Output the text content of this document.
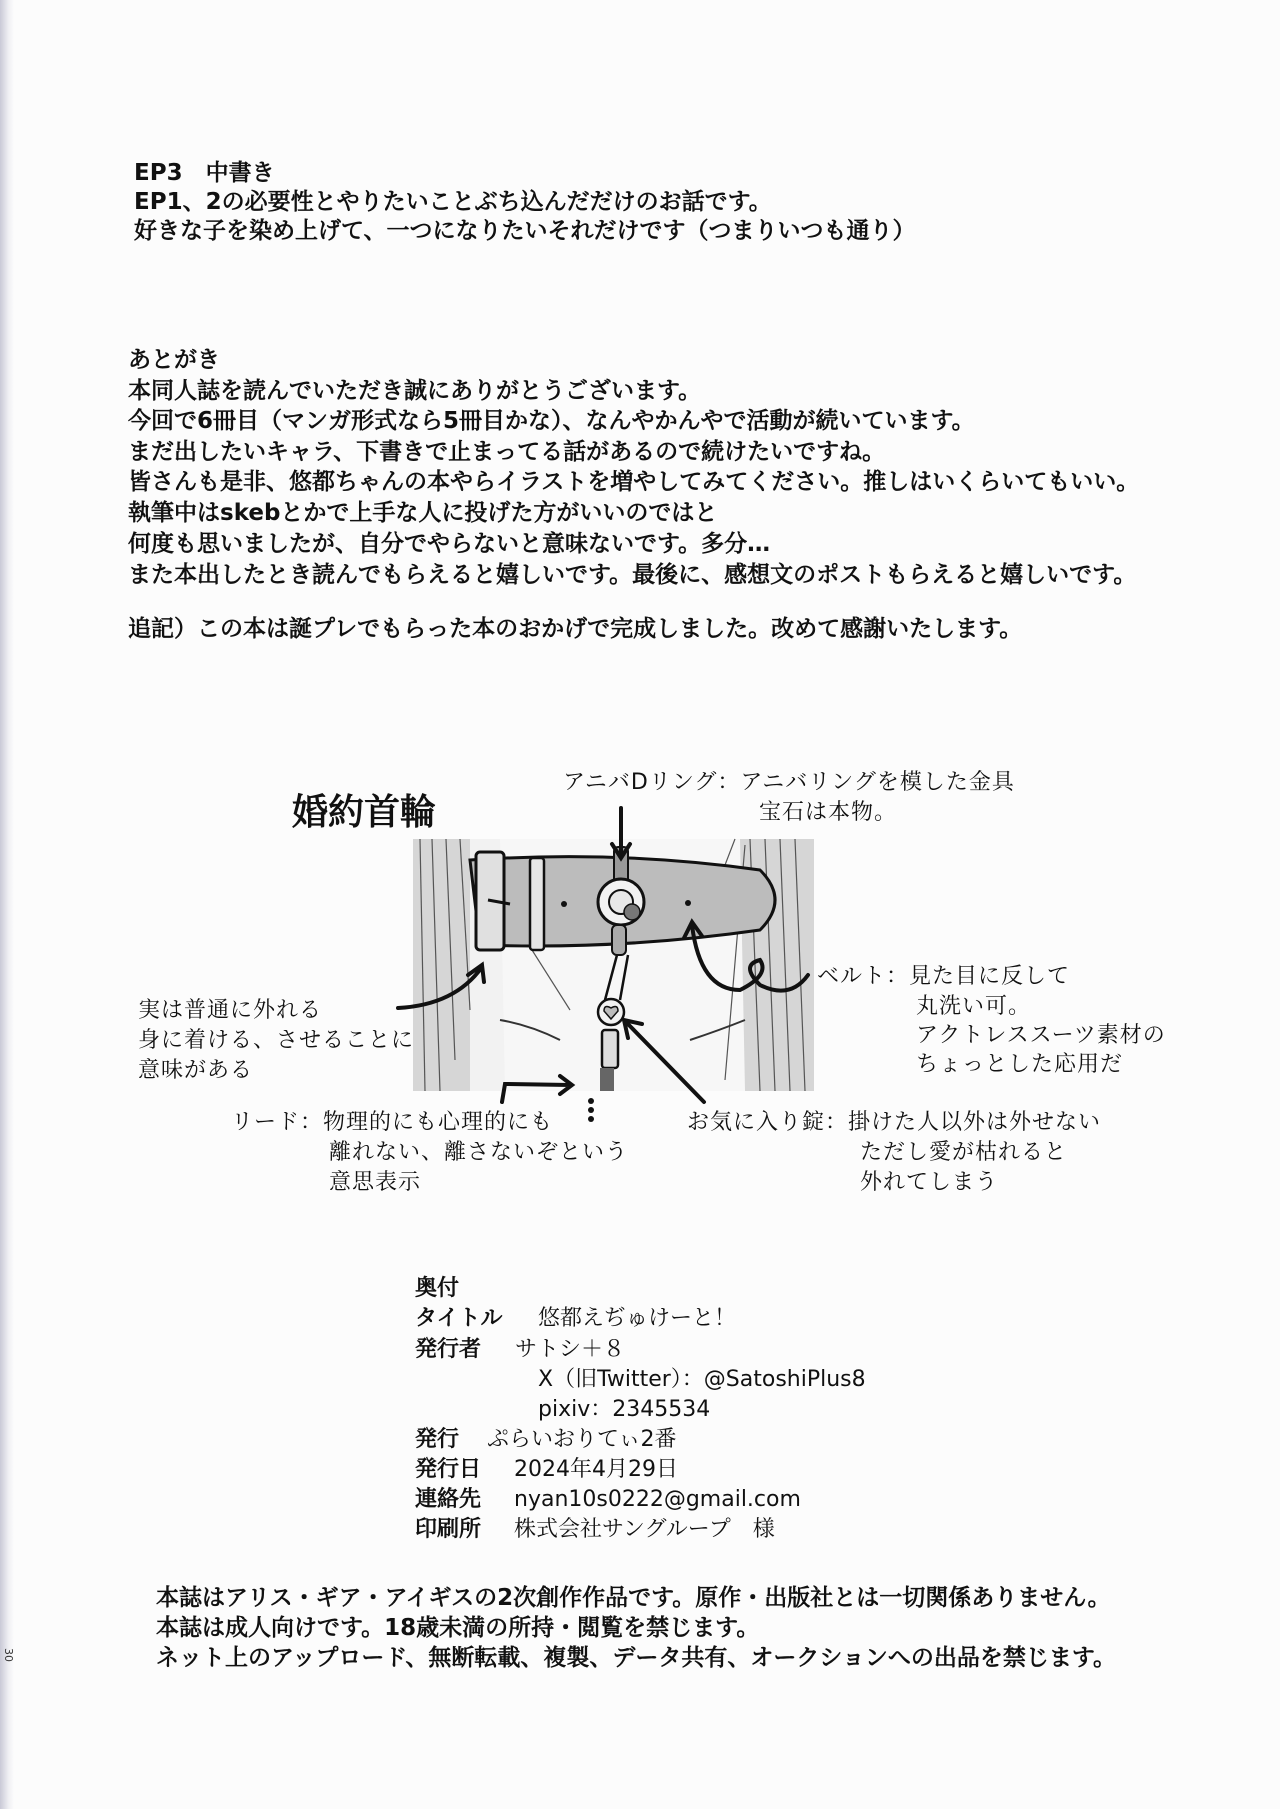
30
EP3　中書き
EP1、2の必要性とやりたいことぶち込んだだけのお話です。
好きな子を染め上げて、一つになりたいそれだけです（つまりいつも通り）
あとがき
本同人誌を読んでいただき誠にありがとうございます。
今回で6冊目（マンガ形式なら5冊目かな）、なんやかんやで活動が続いています。
まだ出したいキャラ、下書きで止まってる話があるので続けたいですね。
皆さんも是非、悠都ちゃんの本やらイラストを増やしてみてください。推しはいくらいてもいい。
執筆中はskebとかで上手な人に投げた方がいいのではと
何度も思いましたが、自分でやらないと意味ないです。多分…
また本出したとき読んでもらえると嬉しいです。最後に、感想文のポストもらえると嬉しいです。
追記）この本は誕プレでもらった本のおかげで完成しました。改めて感謝いたします。
婚約首輪
アニバDリング：アニバリングを模した金具
宝石は本物。
ベルト：見た目に反して
丸洗い可。
アクトレススーツ素材の
ちょっとした応用だ
実は普通に外れる
身に着ける、させることに
意味がある
リード：物理的にも心理的にも
離れない、離さないぞという
意思表示
お気に入り錠：掛けた人以外は外せない
ただし愛が枯れると
外れてしまう
奥付
タイトル 悠都えぢゅけーと！
発行者 サトシ＋８
X（旧Twitter）：@SatoshiPlus8
pixiv：2345534
発行 ぷらいおりてぃ2番
発行日 2024年4月29日
連絡先 nyan10s0222@gmail.com
印刷所 株式会社サングループ　様
本誌はアリス・ギア・アイギスの2次創作作品です。原作・出版社とは一切関係ありません。
本誌は成人向けです。18歳未満の所持・閲覧を禁じます。
ネット上のアップロード、無断転載、複製、データ共有、オークションへの出品を禁じます。
